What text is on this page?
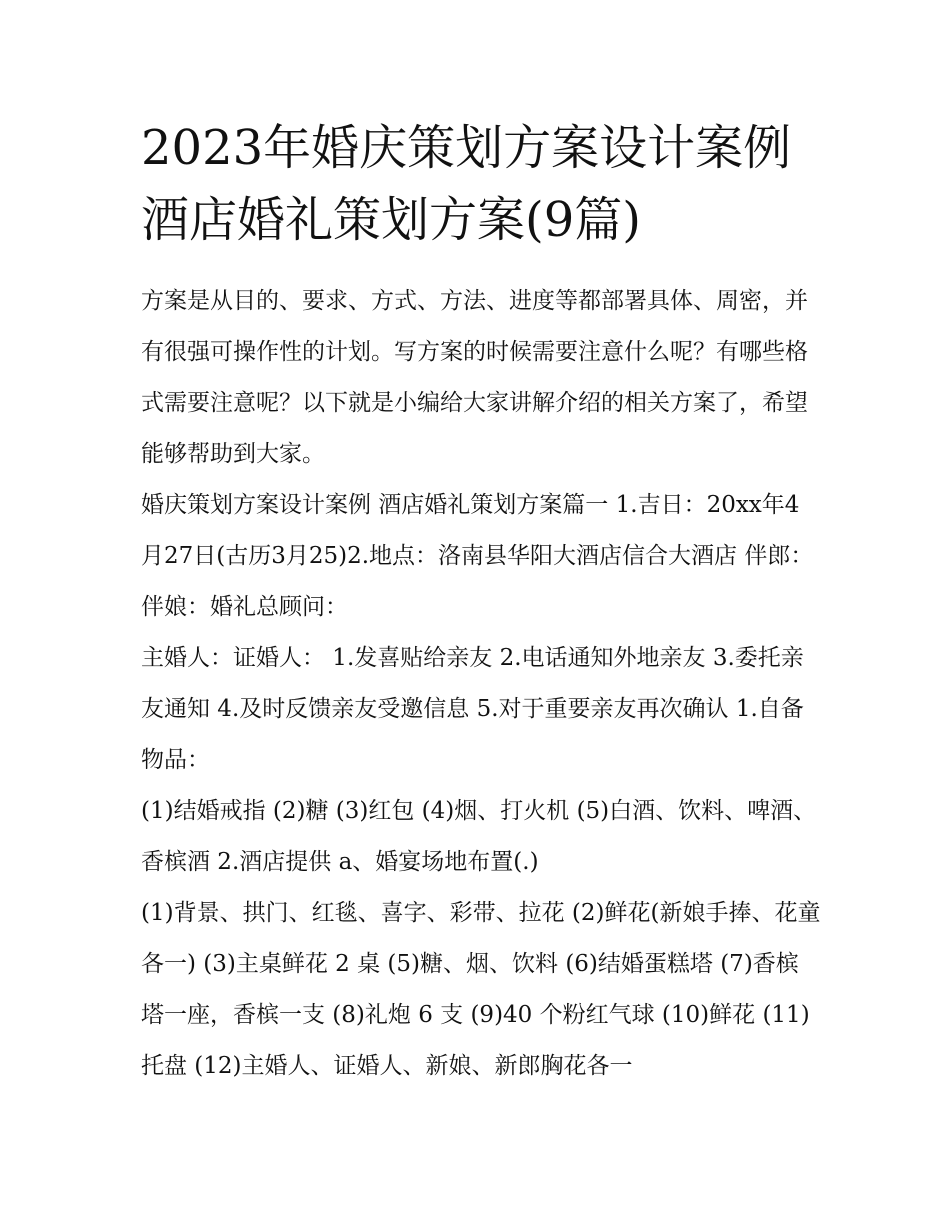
2023年婚庆策划方案设计案例酒店婚礼策划方案(9篇)

方案是从目的、要求、方式、方法、进度等都部署具体、周密，并有很强可操作性的计划。写方案的时候需要注意什么呢？有哪些格式需要注意呢？以下就是小编给大家讲解介绍的相关方案了，希望能够帮助到大家。

婚庆策划方案设计案例 酒店婚礼策划方案篇一 1.吉日：20xx年4月27日(古历3月25)2.地点：洛南县华阳大酒店信合大酒店 伴郎：伴娘：婚礼总顾问：

主婚人：证婚人： 1.发喜贴给亲友 2.电话通知外地亲友 3.委托亲友通知 4.及时反馈亲友受邀信息 5.对于重要亲友再次确认 1.自备物品：

(1)结婚戒指 (2)糖 (3)红包 (4)烟、打火机 (5)白酒、饮料、啤酒、香槟酒 2.酒店提供 a、婚宴场地布置(.)

(1)背景、拱门、红毯、喜字、彩带、拉花 (2)鲜花(新娘手捧、花童各一) (3)主桌鲜花 2 桌 (5)糖、烟、饮料 (6)结婚蛋糕塔 (7)香槟塔一座，香槟一支 (8)礼炮 6 支 (9)40 个粉红气球 (10)鲜花 (11)托盘 (12)主婚人、证婚人、新娘、新郎胸花各一
